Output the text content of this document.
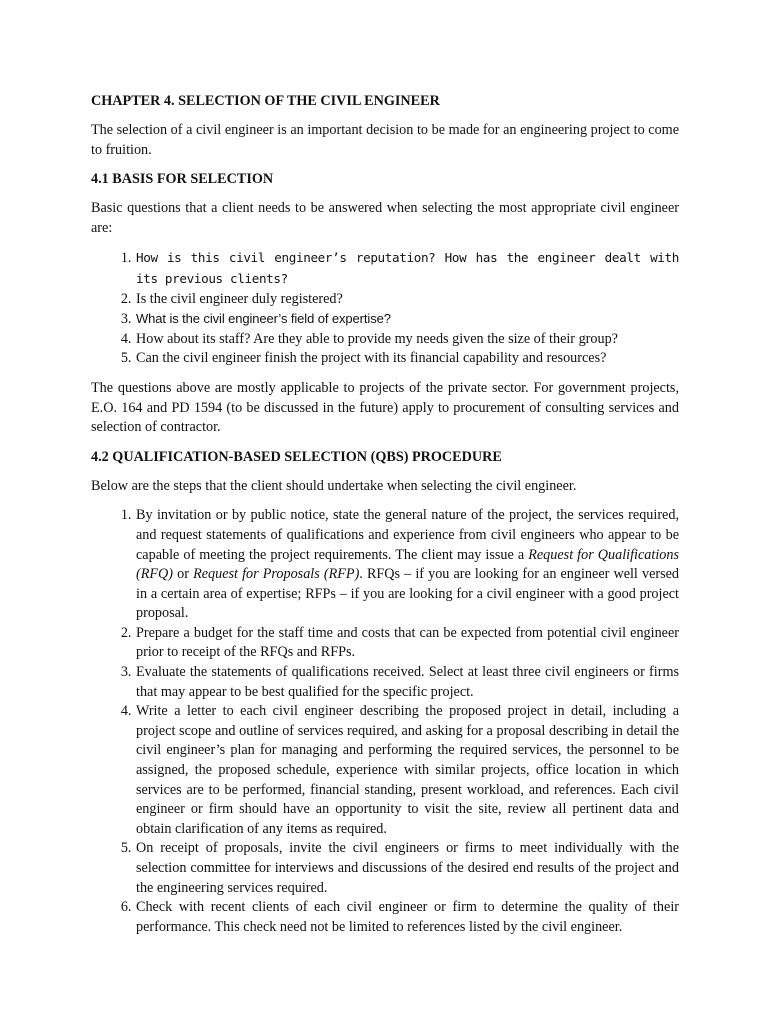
CHAPTER 4. SELECTION OF THE CIVIL ENGINEER

The selection of a civil engineer is an important decision to be made for an engineering project to come to fruition.

4.1 BASIS FOR SELECTION

Basic questions that a client needs to be answered when selecting the most appropriate civil engineer are:

1. How is this civil engineer’s reputation? How has the engineer dealt with its previous clients?
2. Is the civil engineer duly registered?
3. What is the civil engineer’s field of expertise?
4. How about its staff? Are they able to provide my needs given the size of their group?
5. Can the civil engineer finish the project with its financial capability and resources?

The questions above are mostly applicable to projects of the private sector. For government projects, E.O. 164 and PD 1594 (to be discussed in the future) apply to procurement of consulting services and selection of contractor.

4.2 QUALIFICATION-BASED SELECTION (QBS) PROCEDURE

Below are the steps that the client should undertake when selecting the civil engineer.

1. By invitation or by public notice, state the general nature of the project, the services required, and request statements of qualifications and experience from civil engineers who appear to be capable of meeting the project requirements. The client may issue a Request for Qualifications (RFQ) or Request for Proposals (RFP). RFQs – if you are looking for an engineer well versed in a certain area of expertise; RFPs – if you are looking for a civil engineer with a good project proposal.
2. Prepare a budget for the staff time and costs that can be expected from potential civil engineer prior to receipt of the RFQs and RFPs.
3. Evaluate the statements of qualifications received. Select at least three civil engineers or firms that may appear to be best qualified for the specific project.
4. Write a letter to each civil engineer describing the proposed project in detail, including a project scope and outline of services required, and asking for a proposal describing in detail the civil engineer’s plan for managing and performing the required services, the personnel to be assigned, the proposed schedule, experience with similar projects, office location in which services are to be performed, financial standing, present workload, and references. Each civil engineer or firm should have an opportunity to visit the site, review all pertinent data and obtain clarification of any items as required.
5. On receipt of proposals, invite the civil engineers or firms to meet individually with the selection committee for interviews and discussions of the desired end results of the project and the engineering services required.
6. Check with recent clients of each civil engineer or firm to determine the quality of their performance. This check need not be limited to references listed by the civil engineer.
